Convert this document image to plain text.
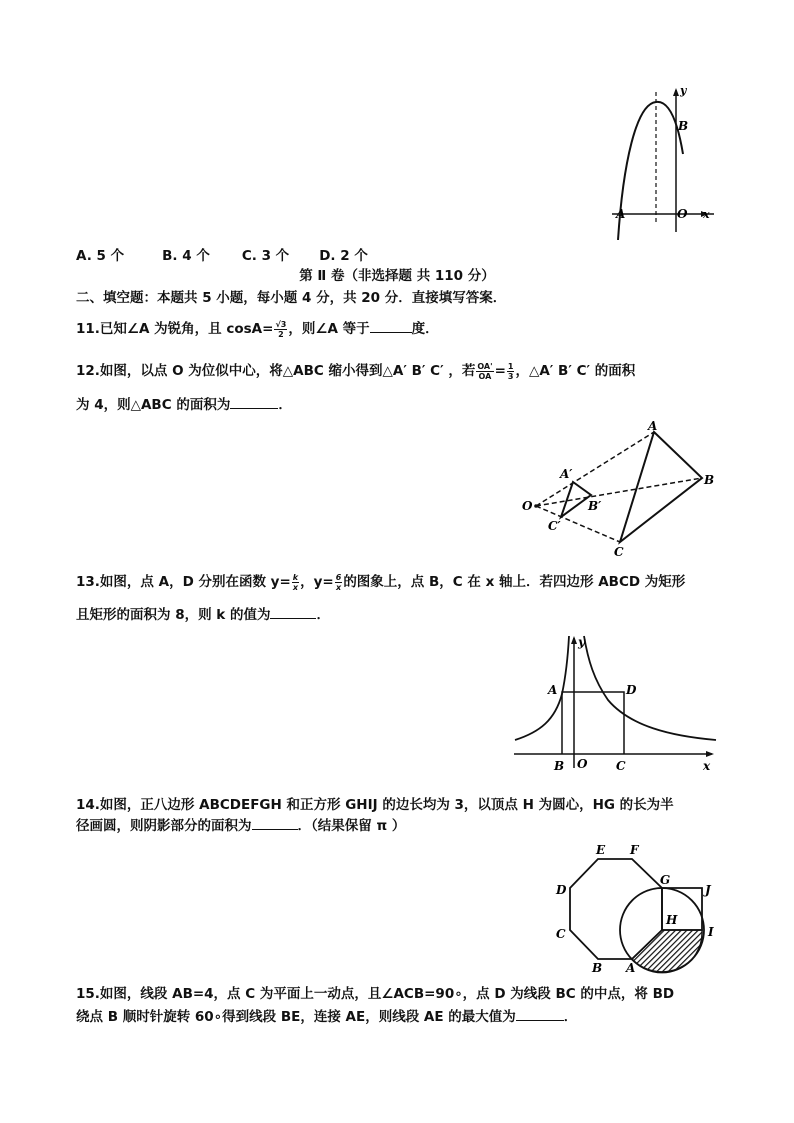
y
B
A	O x
A. 5 个	B. 4 个 C. 3 个 D. 2 个
第 Ⅱ 卷（非选择题 共 110 分）
二、填空题：本题共 5 小题，每小题 4 分，共 20 分．直接填写答案．
11.已知∠A 为锐角，且 $\cos A= \frac{√3}{2}$ ，则∠A 等于	度．
12.如图，以点 O 为位似中心，将△ABC 缩小得到△A′ B′ C′ ，若 $\frac{OA'}{OA} = \frac{1}{3}$ ，△A′ B′ C′ 的面积
为 4，则△ABC 的面积为	．
A
B
C
A′
B′
C′
O
13.如图，点 A，D 分别在函数 $y= \frac{k}{x}$ ，$y= \frac{6}{x}$ 的图象上，点 B，C 在 x 轴上．若四边形 ABCD 为矩形
且矩形的面积为 8，则 k 的值为	．
y
A	D
B O C	x
14.如图，正八边形 ABCDEFGH 和正方形 GHIJ 的边长均为 3，以顶点 H 为圆心，HG 的长为半
径画圆，则阴影部分的面积为	．（结果保留 π ）
E F
G
J
D
H
I
C
B A
15.如图，线段 AB=4，点 C 为平面上一动点，且∠ACB=90∘，点 D 为线段 BC 的中点，将 BD
绕点 B 顺时针旋转 60∘得到线段 BE，连接 AE，则线段 AE 的最大值为	．
